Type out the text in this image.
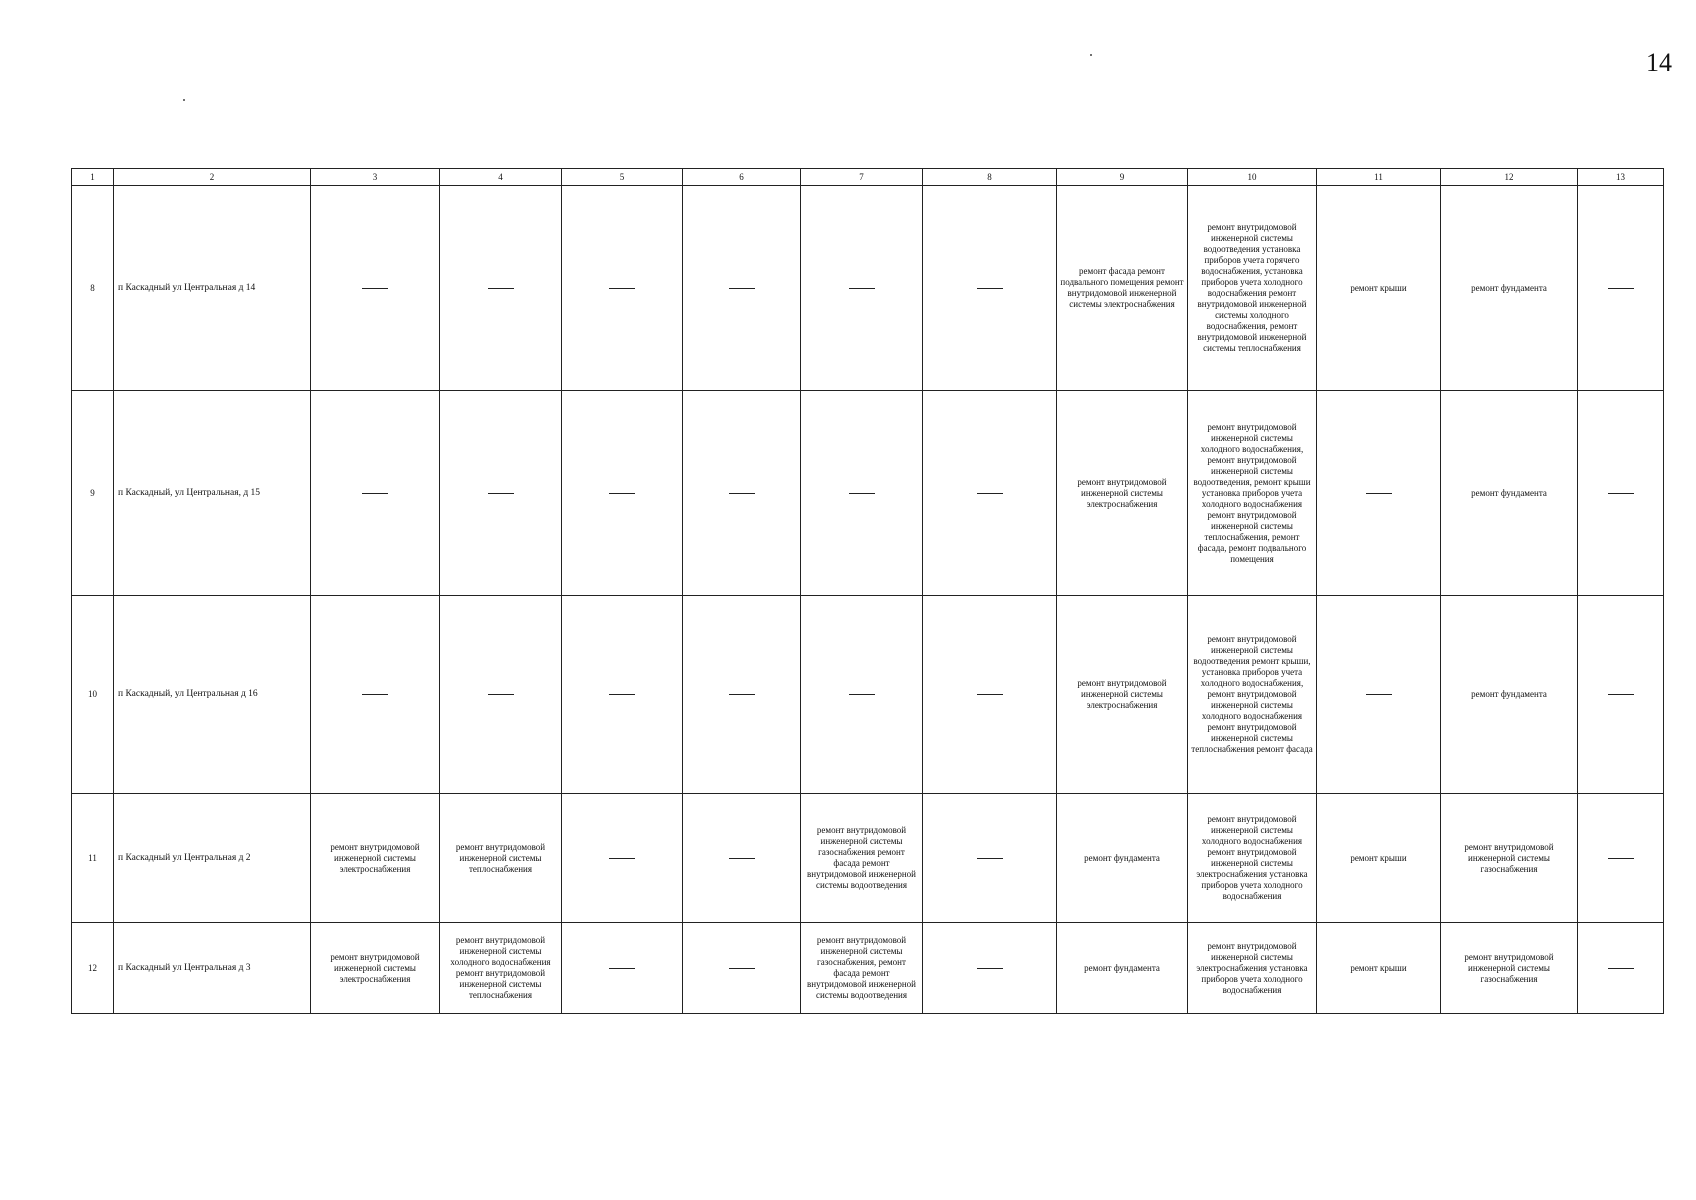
14
1	2	3	4	5	6	7	8	9	10	11	12	13
8	п Каскадный ул Центральная д 14							ремонт фасада ремонт подвального помещения ремонт внутридомовой инженерной системы электроснабжения	ремонт внутридомовой инженерной системы водоотведения установка приборов учета горячего водоснабжения, установка приборов учета холодного водоснабжения ремонт внутридомовой инженерной системы холодного водоснабжения, ремонт внутридомовой инженерной системы теплоснабжения	ремонт крыши	ремонт фундамента	
9	п Каскадный, ул Центральная, д 15							ремонт внутридомовой инженерной системы электроснабжения	ремонт внутридомовой инженерной системы холодного водоснабжения, ремонт внутридомовой инженерной системы водоотведения, ремонт крыши установка приборов учета холодного водоснабжения ремонт внутридомовой инженерной системы теплоснабжения, ремонт фасада, ремонт подвального помещения		ремонт фундамента	
10	п Каскадный, ул Центральная д 16							ремонт внутридомовой инженерной системы электроснабжения	ремонт внутридомовой инженерной системы водоотведения ремонт крыши, установка приборов учета холодного водоснабжения, ремонт внутридомовой инженерной системы холодного водоснабжения ремонт внутридомовой инженерной системы теплоснабжения ремонт фасада		ремонт фундамента	
11	п Каскадный ул Центральная д 2	ремонт внутридомовой инженерной системы электроснабжения	ремонт внутридомовой инженерной системы теплоснабжения			ремонт внутридомовой инженерной системы газоснабжения ремонт фасада ремонт внутридомовой инженерной системы водоотведения		ремонт фундамента	ремонт внутридомовой инженерной системы холодного водоснабжения ремонт внутридомовой инженерной системы электроснабжения установка приборов учета холодного водоснабжения	ремонт крыши	ремонт внутридомовой инженерной системы газоснабжения	
12	п Каскадный ул Центральная д 3	ремонт внутридомовой инженерной системы электроснабжения	ремонт внутридомовой инженерной системы холодного водоснабжения ремонт внутридомовой инженерной системы теплоснабжения			ремонт внутридомовой инженерной системы газоснабжения, ремонт фасада ремонт внутридомовой инженерной системы водоотведения		ремонт фундамента	ремонт внутридомовой инженерной системы электроснабжения установка приборов учета холодного водоснабжения	ремонт крыши	ремонт внутридомовой инженерной системы газоснабжения	
